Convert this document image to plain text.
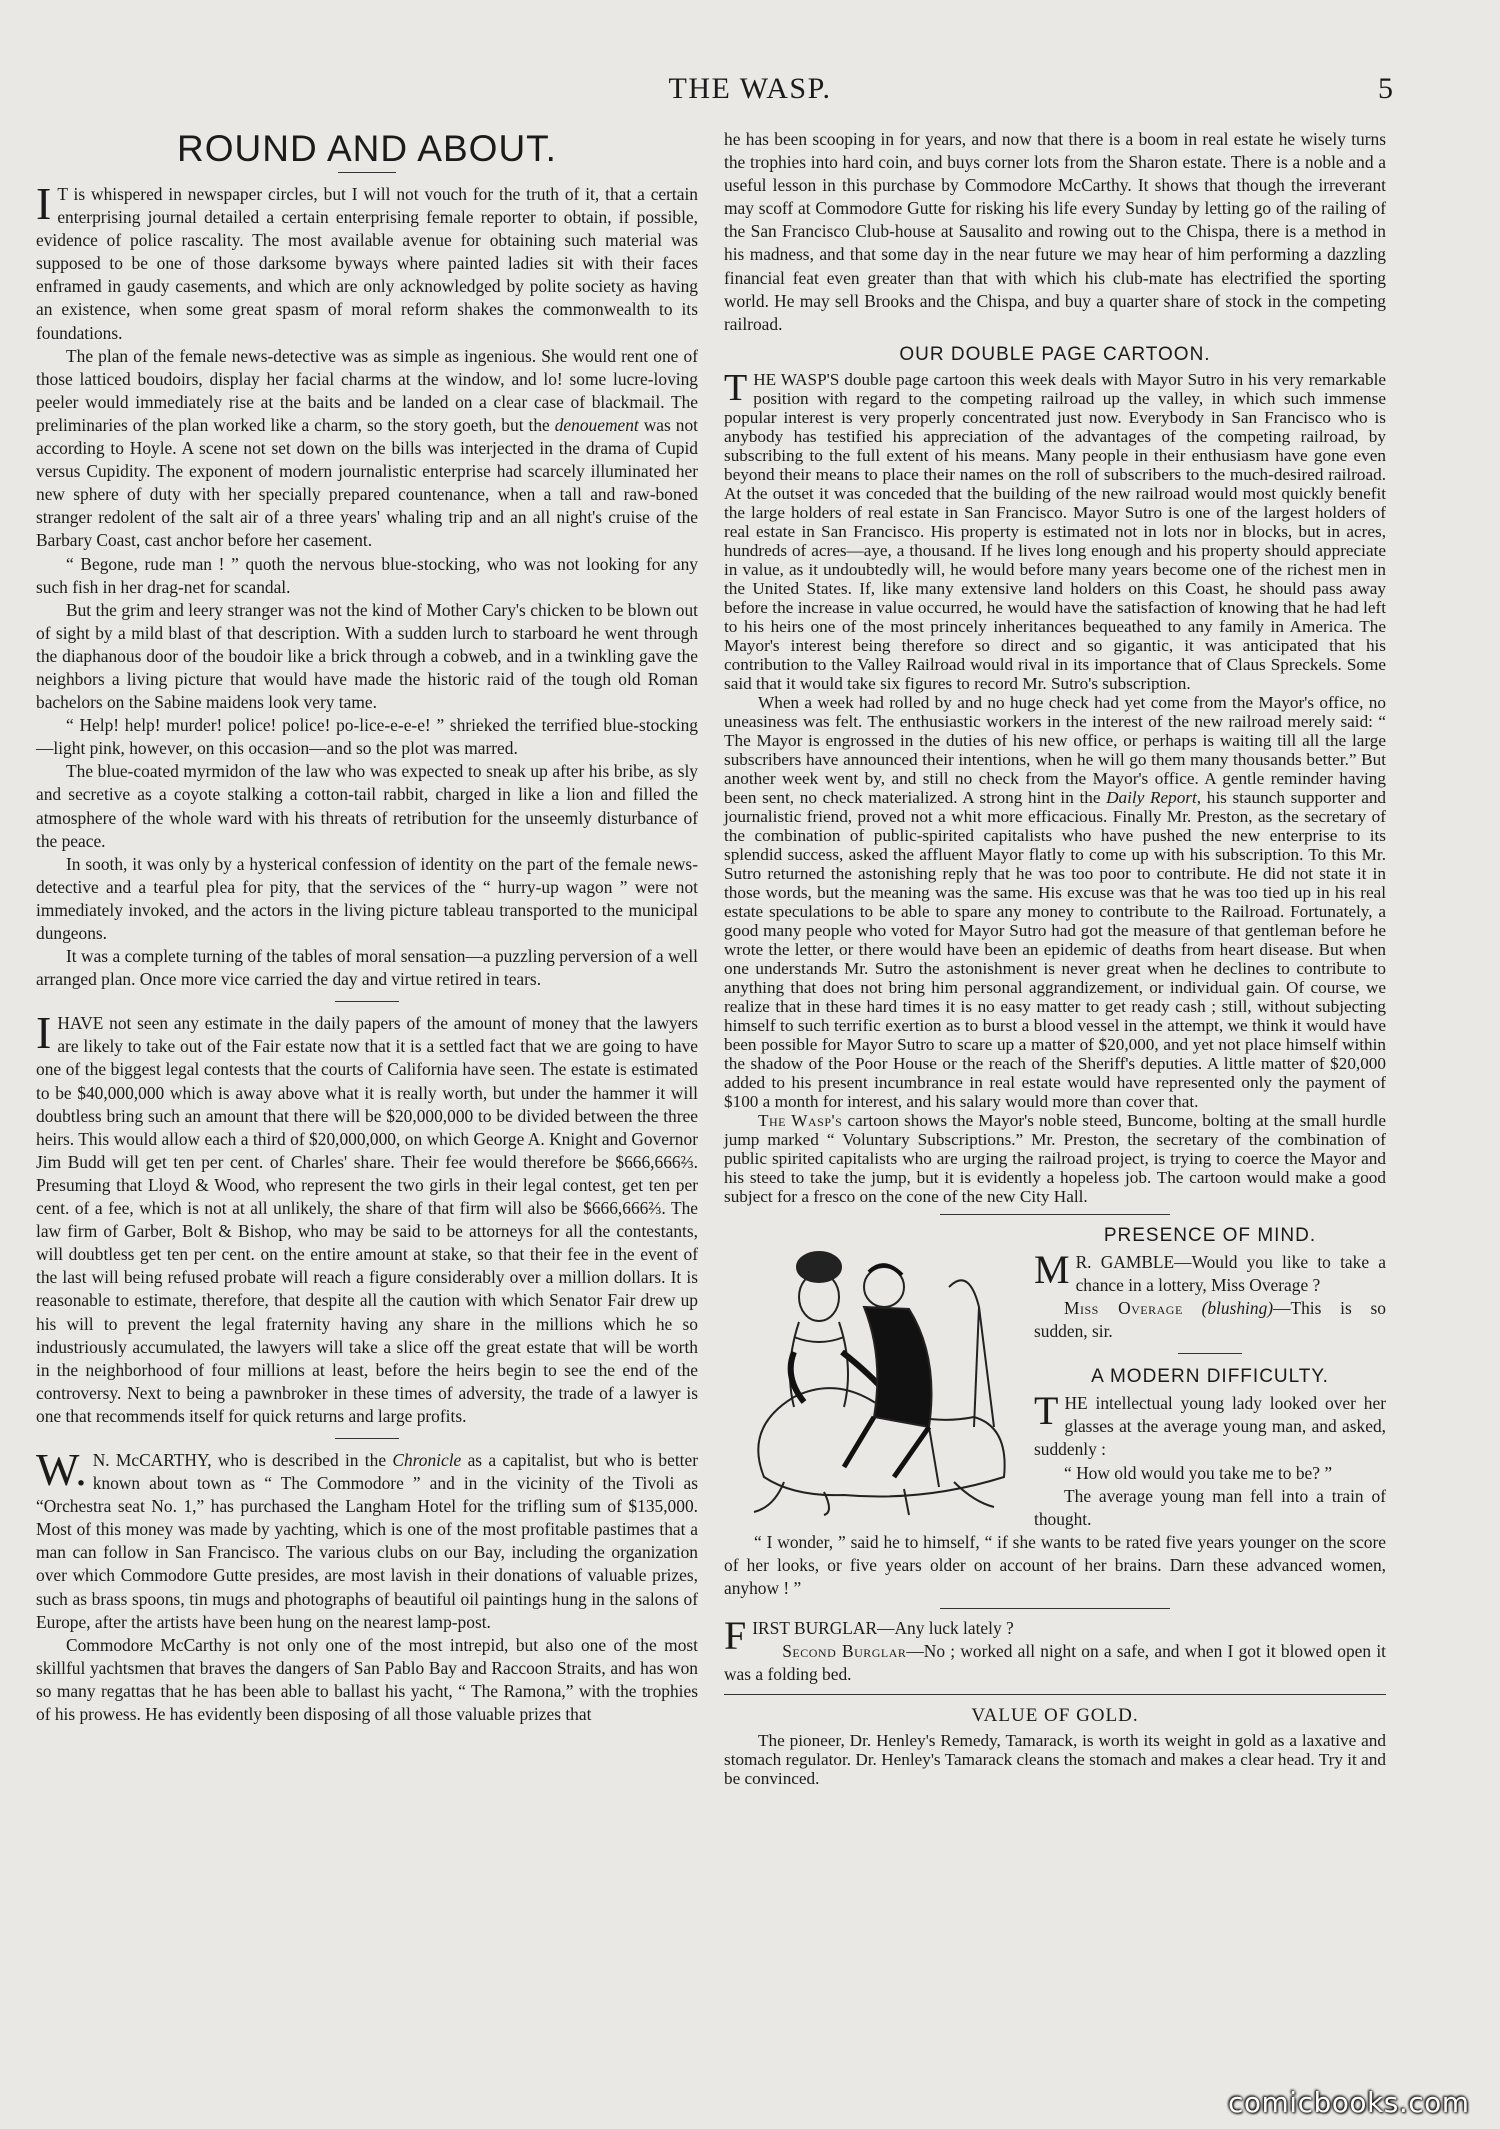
THE WASP.	5
ROUND AND ABOUT.

I T is whispered in newspaper circles, but I will not vouch for the truth of it, that a certain enterprising journal detailed a certain enterprising female reporter to obtain, if possible, evidence of police rascality. The most available avenue for obtaining such material was supposed to be one of those darksome byways where painted ladies sit with their faces enframed in gaudy casements, and which are only acknowledged by polite society as having an existence, when some great spasm of moral reform shakes the commonwealth to its foundations.

The plan of the female news-detective was as simple as ingenious. She would rent one of those latticed boudoirs, display her facial charms at the window, and lo! some lucre-loving peeler would immediately rise at the baits and be landed on a clear case of blackmail. The preliminaries of the plan worked like a charm, so the story goeth, but the denouement was not according to Hoyle. A scene not set down on the bills was interjected in the drama of Cupid versus Cupidity. The exponent of modern journalistic enterprise had scarcely illuminated her new sphere of duty with her specially prepared countenance, when a tall and raw-boned stranger redolent of the salt air of a three years' whaling trip and an all night's cruise of the Barbary Coast, cast anchor before her casement.

“ Begone, rude man ! ” quoth the nervous blue-stocking, who was not looking for any such fish in her drag-net for scandal.

But the grim and leery stranger was not the kind of Mother Cary's chicken to be blown out of sight by a mild blast of that description. With a sudden lurch to starboard he went through the diaphanous door of the boudoir like a brick through a cobweb, and in a twinkling gave the neighbors a living picture that would have made the historic raid of the tough old Roman bachelors on the Sabine maidens look very tame.

“ Help! help! murder! police! police! po-lice-e-e-e! ” shrieked the terrified blue-stocking—light pink, however, on this occasion—and so the plot was marred.

The blue-coated myrmidon of the law who was expected to sneak up after his bribe, as sly and secretive as a coyote stalking a cotton-tail rabbit, charged in like a lion and filled the atmosphere of the whole ward with his threats of retribution for the unseemly disturbance of the peace.

In sooth, it was only by a hysterical confession of identity on the part of the female news-detective and a tearful plea for pity, that the services of the “ hurry-up wagon ” were not immediately invoked, and the actors in the living picture tableau transported to the municipal dungeons.

It was a complete turning of the tables of moral sensation—a puzzling perversion of a well arranged plan. Once more vice carried the day and virtue retired in tears.

IHAVE not seen any estimate in the daily papers of the amount of money that the lawyers are likely to take out of the Fair estate now that it is a settled fact that we are going to have one of the biggest legal contests that the courts of California have seen. The estate is estimated to be $40,000,000 which is away above what it is really worth, but under the hammer it will doubtless bring such an amount that there will be $20,000,000 to be divided between the three heirs. This would allow each a third of $20,000,000, on which George A. Knight and Governor Jim Budd will get ten per cent. of Charles' share. Their fee would therefore be $666,666⅔. Presuming that Lloyd & Wood, who represent the two girls in their legal contest, get ten per cent. of a fee, which is not at all unlikely, the share of that firm will also be $666,666⅔. The law firm of Garber, Bolt & Bishop, who may be said to be attorneys for all the contestants, will doubtless get ten per cent. on the entire amount at stake, so that their fee in the event of the last will being refused probate will reach a figure considerably over a million dollars. It is reasonable to estimate, therefore, that despite all the caution with which Senator Fair drew up his will to prevent the legal fraternity having any share in the millions which he so industriously accumulated, the lawyers will take a slice off the great estate that will be worth in the neighborhood of four millions at least, before the heirs begin to see the end of the controversy. Next to being a pawnbroker in these times of adversity, the trade of a lawyer is one that recommends itself for quick returns and large profits.

W. N. McCARTHY, who is described in the Chronicle as a capitalist, but who is better known about town as “ The Commodore ” and in the vicinity of the Tivoli as “Orchestra seat No. 1,” has purchased the Langham Hotel for the trifling sum of $135,000. Most of this money was made by yachting, which is one of the most profitable pastimes that a man can follow in San Francisco. The various clubs on our Bay, including the organization over which Commodore Gutte presides, are most lavish in their donations of valuable prizes, such as brass spoons, tin mugs and photographs of beautiful oil paintings hung in the salons of Europe, after the artists have been hung on the nearest lamp-post.

Commodore McCarthy is not only one of the most intrepid, but also one of the most skillful yachtsmen that braves the dangers of San Pablo Bay and Raccoon Straits, and has won so many regattas that he has been able to ballast his yacht, “ The Ramona,” with the trophies of his prowess. He has evidently been disposing of all those valuable prizes that

he has been scooping in for years, and now that there is a boom in real estate he wisely turns the trophies into hard coin, and buys corner lots from the Sharon estate. There is a noble and a useful lesson in this purchase by Commodore McCarthy. It shows that though the irreverant may scoff at Commodore Gutte for risking his life every Sunday by letting go of the railing of the San Francisco Club-house at Sausalito and rowing out to the Chispa, there is a method in his madness, and that some day in the near future we may hear of him performing a dazzling financial feat even greater than that with which his club-mate has electrified the sporting world. He may sell Brooks and the Chispa, and buy a quarter share of stock in the competing railroad.

OUR DOUBLE PAGE CARTOON.

THE WASP'S double page cartoon this week deals with Mayor Sutro in his very remarkable position with regard to the competing railroad up the valley, in which such immense popular interest is very properly concentrated just now. Everybody in San Francisco who is anybody has testified his appreciation of the advantages of the competing railroad, by subscribing to the full extent of his means. Many people in their enthusiasm have gone even beyond their means to place their names on the roll of subscribers to the much-desired railroad. At the outset it was conceded that the building of the new railroad would most quickly benefit the large holders of real estate in San Francisco. Mayor Sutro is one of the largest holders of real estate in San Francisco. His property is estimated not in lots nor in blocks, but in acres, hundreds of acres—aye, a thousand. If he lives long enough and his property should appreciate in value, as it undoubtedly will, he would before many years become one of the richest men in the United States. If, like many extensive land holders on this Coast, he should pass away before the increase in value occurred, he would have the satisfaction of knowing that he had left to his heirs one of the most princely inheritances bequeathed to any family in America. The Mayor's interest being therefore so direct and so gigantic, it was anticipated that his contribution to the Valley Railroad would rival in its importance that of Claus Spreckels. Some said that it would take six figures to record Mr. Sutro's subscription.

When a week had rolled by and no huge check had yet come from the Mayor's office, no uneasiness was felt. The enthusiastic workers in the interest of the new railroad merely said: “ The Mayor is engrossed in the duties of his new office, or perhaps is waiting till all the large subscribers have announced their intentions, when he will go them many thousands better.” But another week went by, and still no check from the Mayor's office. A gentle reminder having been sent, no check materialized. A strong hint in the Daily Report, his staunch supporter and journalistic friend, proved not a whit more efficacious. Finally Mr. Preston, as the secretary of the combination of public-spirited capitalists who have pushed the new enterprise to its splendid success, asked the affluent Mayor flatly to come up with his subscription. To this Mr. Sutro returned the astonishing reply that he was too poor to contribute. He did not state it in those words, but the meaning was the same. His excuse was that he was too tied up in his real estate speculations to be able to spare any money to contribute to the Railroad. Fortunately, a good many people who voted for Mayor Sutro had got the measure of that gentleman before he wrote the letter, or there would have been an epidemic of deaths from heart disease. But when one understands Mr. Sutro the astonishment is never great when he declines to contribute to anything that does not bring him personal aggrandizement, or individual gain. Of course, we realize that in these hard times it is no easy matter to get ready cash ; still, without subjecting himself to such terrific exertion as to burst a blood vessel in the attempt, we think it would have been possible for Mayor Sutro to scare up a matter of $20,000, and yet not place himself within the shadow of the Poor House or the reach of the Sheriff's deputies. A little matter of $20,000 added to his present incumbrance in real estate would have represented only the payment of $100 a month for interest, and his salary would more than cover that.

The Wasp's cartoon shows the Mayor's noble steed, Buncome, bolting at the small hurdle jump marked “ Voluntary Subscriptions.” Mr. Preston, the secretary of the combination of public spirited capitalists who are urging the railroad project, is trying to coerce the Mayor and his steed to take the jump, but it is evidently a hopeless job. The cartoon would make a good subject for a fresco on the cone of the new City Hall.

PRESENCE OF MIND.

M R. GAMBLE—Would you like to take a chance in a lottery, Miss Overage ?

Miss Overage (blushing)—This is so sudden, sir.

A MODERN DIFFICULTY.

THE intellectual young lady looked over her glasses at the average young man, and asked, suddenly :

“ How old would you take me to be? ”

The average young man fell into a train of thought.

“ I wonder, ” said he to himself, “ if she wants to be rated five years younger on the score of her looks, or five years older on account of her brains. Darn these advanced women, anyhow ! ”

FIRST BURGLAR—Any luck lately ?

Second Burglar—No ; worked all night on a safe, and when I got it blowed open it was a folding bed.

VALUE OF GOLD.

The pioneer, Dr. Henley's Remedy, Tamarack, is worth its weight in gold as a laxative and stomach regulator. Dr. Henley's Tamarack cleans the stomach and makes a clear head. Try it and be convinced.

comicbooks.com
